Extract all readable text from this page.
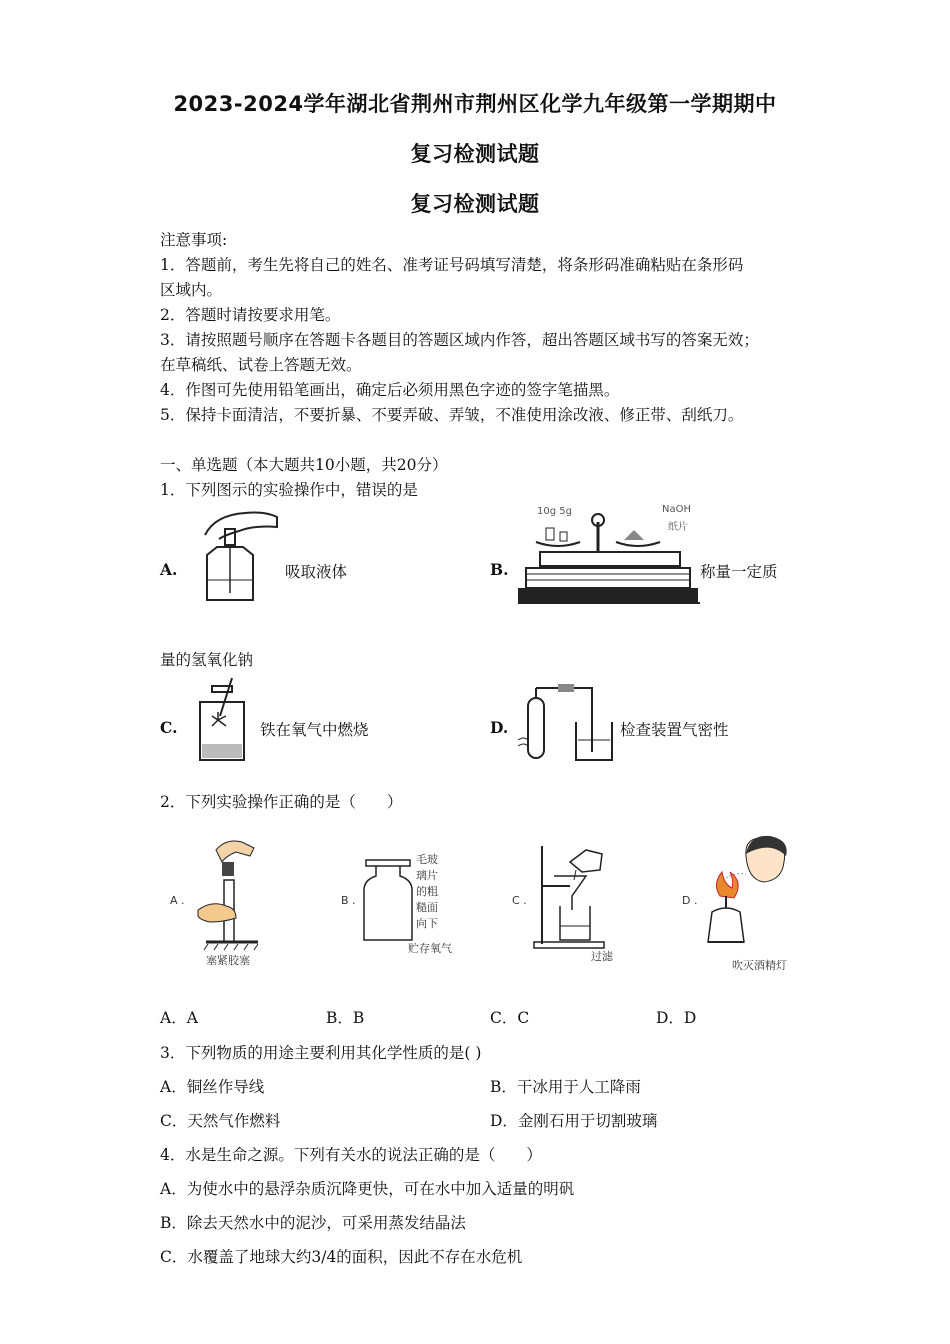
2023-2024学年湖北省荆州市荆州区化学九年级第一学期期中
复习检测试题
复习检测试题
注意事项:
1．答题前，考生先将自己的姓名、准考证号码填写清楚，将条形码准确粘贴在条形码
区域内。
2．答题时请按要求用笔。
3．请按照题号顺序在答题卡各题目的答题区域内作答，超出答题区域书写的答案无效；
在草稿纸、试卷上答题无效。
4．作图可先使用铅笔画出，确定后必须用黑色字迹的签字笔描黑。
5．保持卡面清洁，不要折暴、不要弄破、弄皱，不准使用涂改液、修正带、刮纸刀。
一、单选题（本大题共10小题，共20分）
1．下列图示的实验操作中，错误的是
A.	吸取液体	B.
10g 5g	NaOH
纸片
称量一定质
量的氢氧化钠
C.	铁在氧气中燃烧	D.	检查装置气密性
2．下列实验操作正确的是（　　）
A .
塞紧胶塞
B .
毛玻
璃片
的粗
糙面
向下
贮存氧气
C .
过滤
D .
吹灭酒精灯
A．A	B．B	C．C	D．D
3．下列物质的用途主要利用其化学性质的是( )
A．铜丝作导线	B．干冰用于人工降雨
C．天然气作燃料	D．金刚石用于切割玻璃
4．水是生命之源。下列有关水的说法正确的是（　　）
A．为使水中的悬浮杂质沉降更快，可在水中加入适量的明矾
B．除去天然水中的泥沙，可采用蒸发结晶法
C．水覆盖了地球大约3/4的面积，因此不存在水危机
